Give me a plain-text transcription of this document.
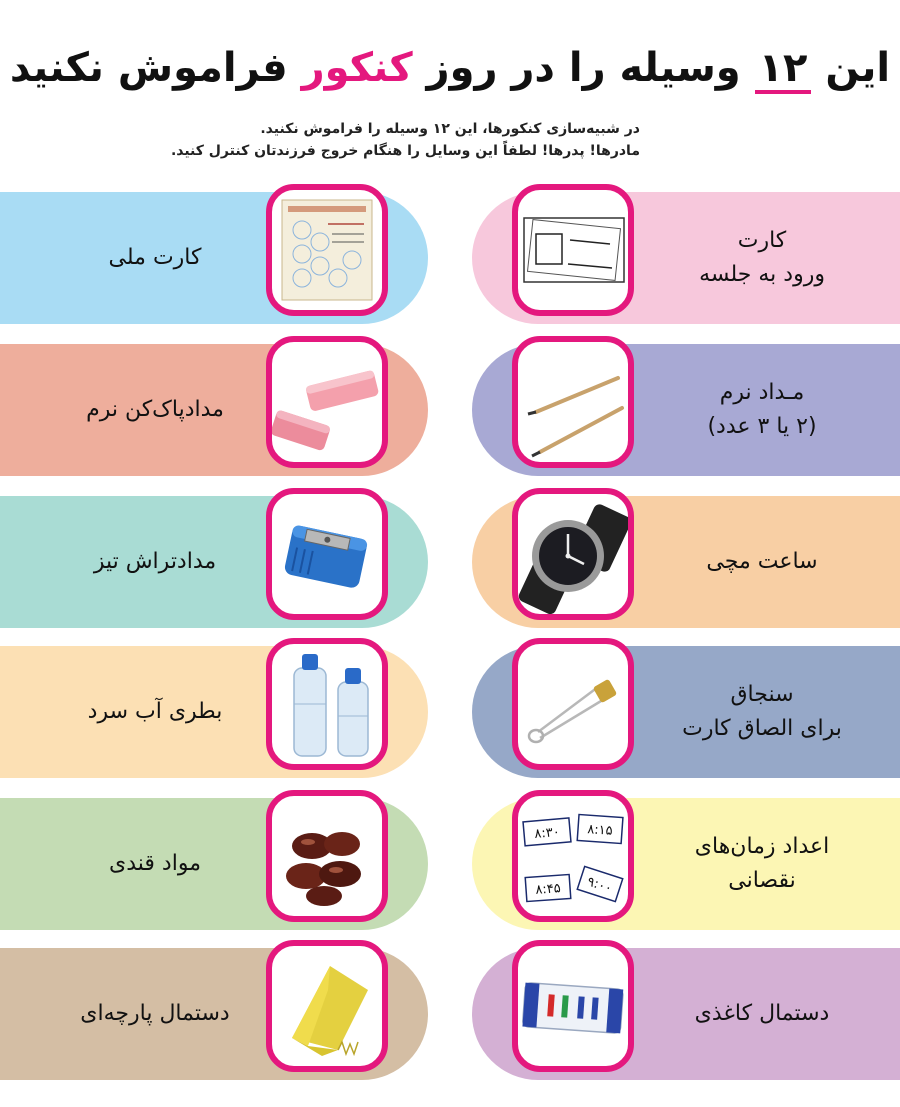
این ۱۲ وسیله را در روز کنکور فراموش نکنید
در شبیه‌سازی کنکورها، این ۱۲ وسیله را فراموش نکنید.
مادرها! پدرها! لطفاً این وسایل را هنگام خروج فرزندتان کنترل کنید.
کارت
ورود به جلسه
کارت ملی
مـداد نرم
(۲ یا ۳ عدد)
مدادپاک‌کن نرم
ساعت مچی
مدادتراش تیز
سنجاق
برای الصاق کارت
بطری آب سرد
۸:۳۰ ۸:۱۵
۸:۴۵ ۹:۰۰
اعداد زمان‌های
نقصانی
مواد قندی
دستمال کاغذی
دستمال پارچه‌ای
